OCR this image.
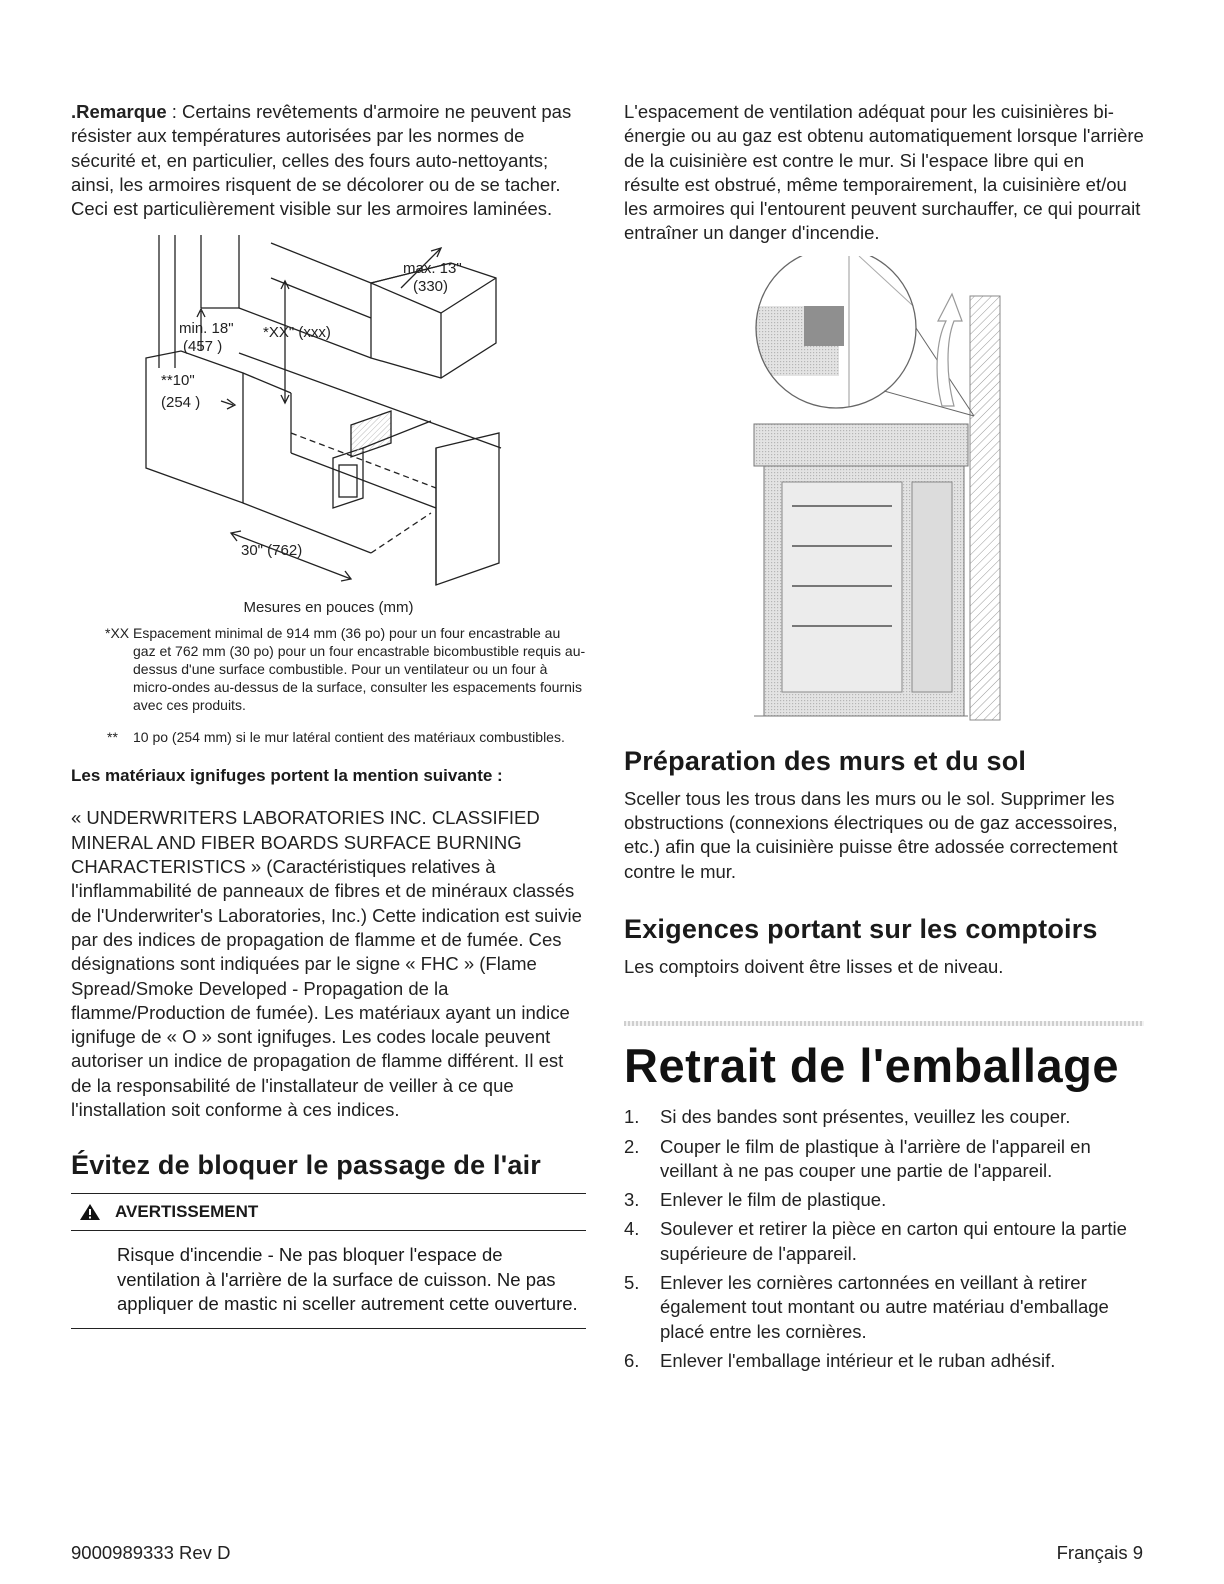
.Remarque : Certains revêtements d'armoire ne peuvent pas résister aux températures autorisées par les normes de sécurité et, en particulier, celles des fours auto-nettoyants; ainsi, les armoires risquent de se décolorer ou de se tacher. Ceci est particulièrement visible sur les armoires laminées.

max. 13"
(330)
min. 18"
(457 )
*XX" (xxx)
**10"
(254 )
30" (762)

Mesures en pouces (mm)

*XX Espacement minimal de 914 mm (36 po) pour un four encastrable au gaz et 762 mm (30 po) pour un four encastrable bicombustible requis au-dessus d'une surface combustible. Pour un ventilateur ou un four à micro-ondes au-dessus de la surface, consulter les espacements fournis avec ces produits.

**	10 po (254 mm) si le mur latéral contient des matériaux combustibles.

Les matériaux ignifuges portent la mention suivante :

« UNDERWRITERS LABORATORIES INC. CLASSIFIED MINERAL AND FIBER BOARDS SURFACE BURNING CHARACTERISTICS » (Caractéristiques relatives à l'inflammabilité de panneaux de fibres et de minéraux classés de l'Underwriter's Laboratories, Inc.) Cette indication est suivie par des indices de propagation de flamme et de fumée. Ces désignations sont indiquées par le signe « FHC » (Flame Spread/Smoke Developed - Propagation de la flamme/Production de fumée). Les matériaux ayant un indice ignifuge de « O » sont ignifuges. Les codes locale peuvent autoriser un indice de propagation de flamme différent. Il est de la responsabilité de l'installateur de veiller à ce que l'installation soit conforme à ces indices.

Évitez de bloquer le passage de l'air
AVERTISSEMENT
Risque d'incendie - Ne pas bloquer l'espace de ventilation à l'arrière de la surface de cuisson. Ne pas appliquer de mastic ni sceller autrement cette ouverture.

L'espacement de ventilation adéquat pour les cuisinières bi-énergie ou au gaz est obtenu automatiquement lorsque l'arrière de la cuisinière est contre le mur. Si l'espace libre qui en résulte est obstrué, même temporairement, la cuisinière et/ou les armoires qui l'entourent peuvent surchauffer, ce qui pourrait entraîner un danger d'incendie.

Préparation des murs et du sol

Sceller tous les trous dans les murs ou le sol. Supprimer les obstructions (connexions électriques ou de gaz accessoires, etc.) afin que la cuisinière puisse être adossée correctement contre le mur.

Exigences portant sur les comptoirs

Les comptoirs doivent être lisses et de niveau.

Retrait de l'emballage
1. Si des bandes sont présentes, veuillez les couper.
2. Couper le film de plastique à l'arrière de l'appareil en veillant à ne pas couper une partie de l'appareil.
3. Enlever le film de plastique.
4. Soulever et retirer la pièce en carton qui entoure la partie supérieure de l'appareil.
5. Enlever les cornières cartonnées en veillant à retirer également tout montant ou autre matériau d'emballage placé entre les cornières.
6. Enlever l'emballage intérieur et le ruban adhésif.
9000989333 Rev D	Français 9
